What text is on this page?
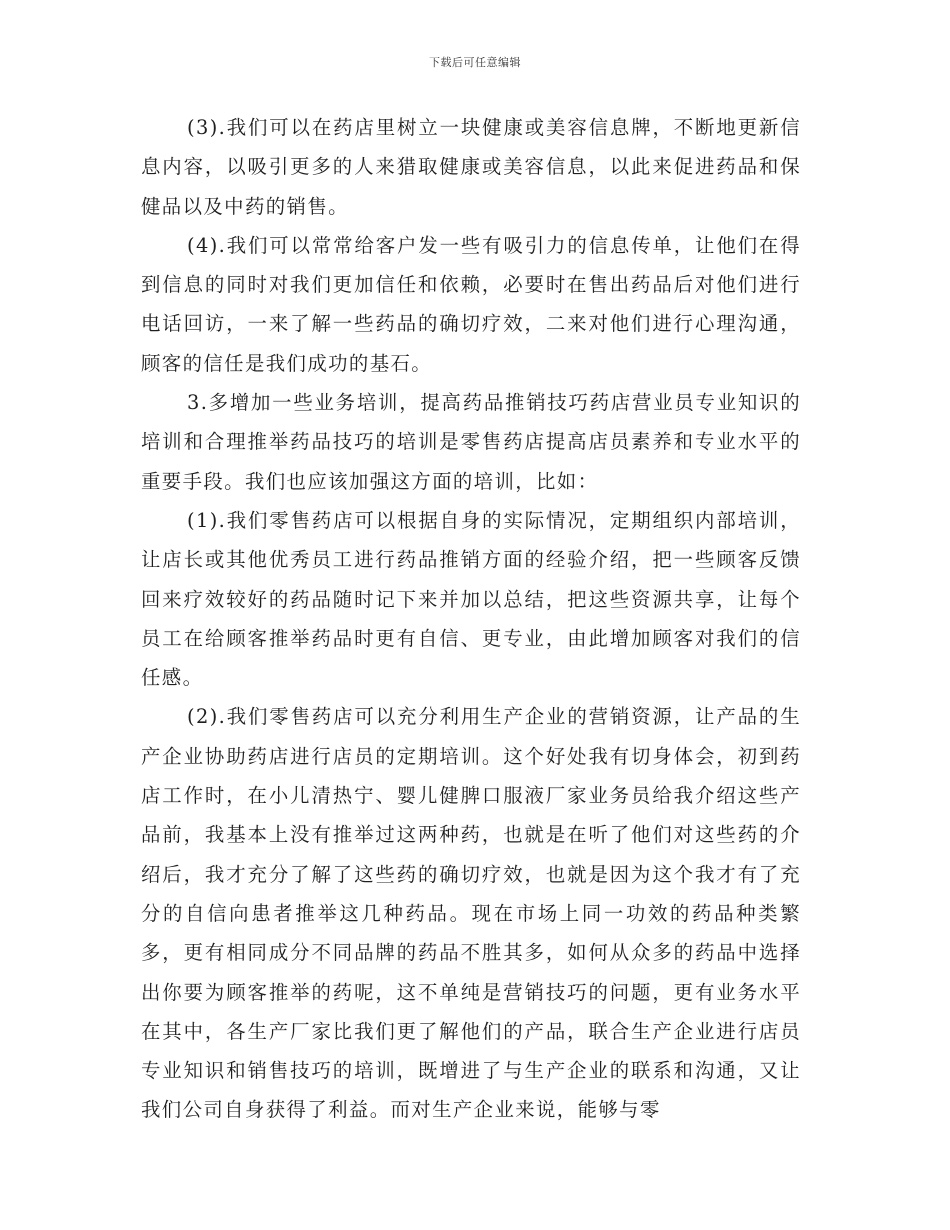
下载后可任意编辑

(3).我们可以在药店里树立一块健康或美容信息牌，不断地更新信息内容，以吸引更多的人来猎取健康或美容信息，以此来促进药品和保健品以及中药的销售。

(4).我们可以常常给客户发一些有吸引力的信息传单，让他们在得到信息的同时对我们更加信任和依赖，必要时在售出药品后对他们进行电话回访，一来了解一些药品的确切疗效，二来对他们进行心理沟通，顾客的信任是我们成功的基石。

3.多增加一些业务培训，提高药品推销技巧药店营业员专业知识的培训和合理推举药品技巧的培训是零售药店提高店员素养和专业水平的重要手段。我们也应该加强这方面的培训，比如：

(1).我们零售药店可以根据自身的实际情况，定期组织内部培训，让店长或其他优秀员工进行药品推销方面的经验介绍，把一些顾客反馈回来疗效较好的药品随时记下来并加以总结，把这些资源共享，让每个员工在给顾客推举药品时更有自信、更专业，由此增加顾客对我们的信任感。

(2).我们零售药店可以充分利用生产企业的营销资源，让产品的生产企业协助药店进行店员的定期培训。这个好处我有切身体会，初到药店工作时，在小儿清热宁、婴儿健脾口服液厂家业务员给我介绍这些产品前，我基本上没有推举过这两种药，也就是在听了他们对这些药的介绍后，我才充分了解了这些药的确切疗效，也就是因为这个我才有了充分的自信向患者推举这几种药品。现在市场上同一功效的药品种类繁多，更有相同成分不同品牌的药品不胜其多，如何从众多的药品中选择出你要为顾客推举的药呢，这不单纯是营销技巧的问题，更有业务水平在其中，各生产厂家比我们更了解他们的产品，联合生产企业进行店员专业知识和销售技巧的培训，既增进了与生产企业的联系和沟通，又让我们公司自身获得了利益。而对生产企业来说，能够与零
